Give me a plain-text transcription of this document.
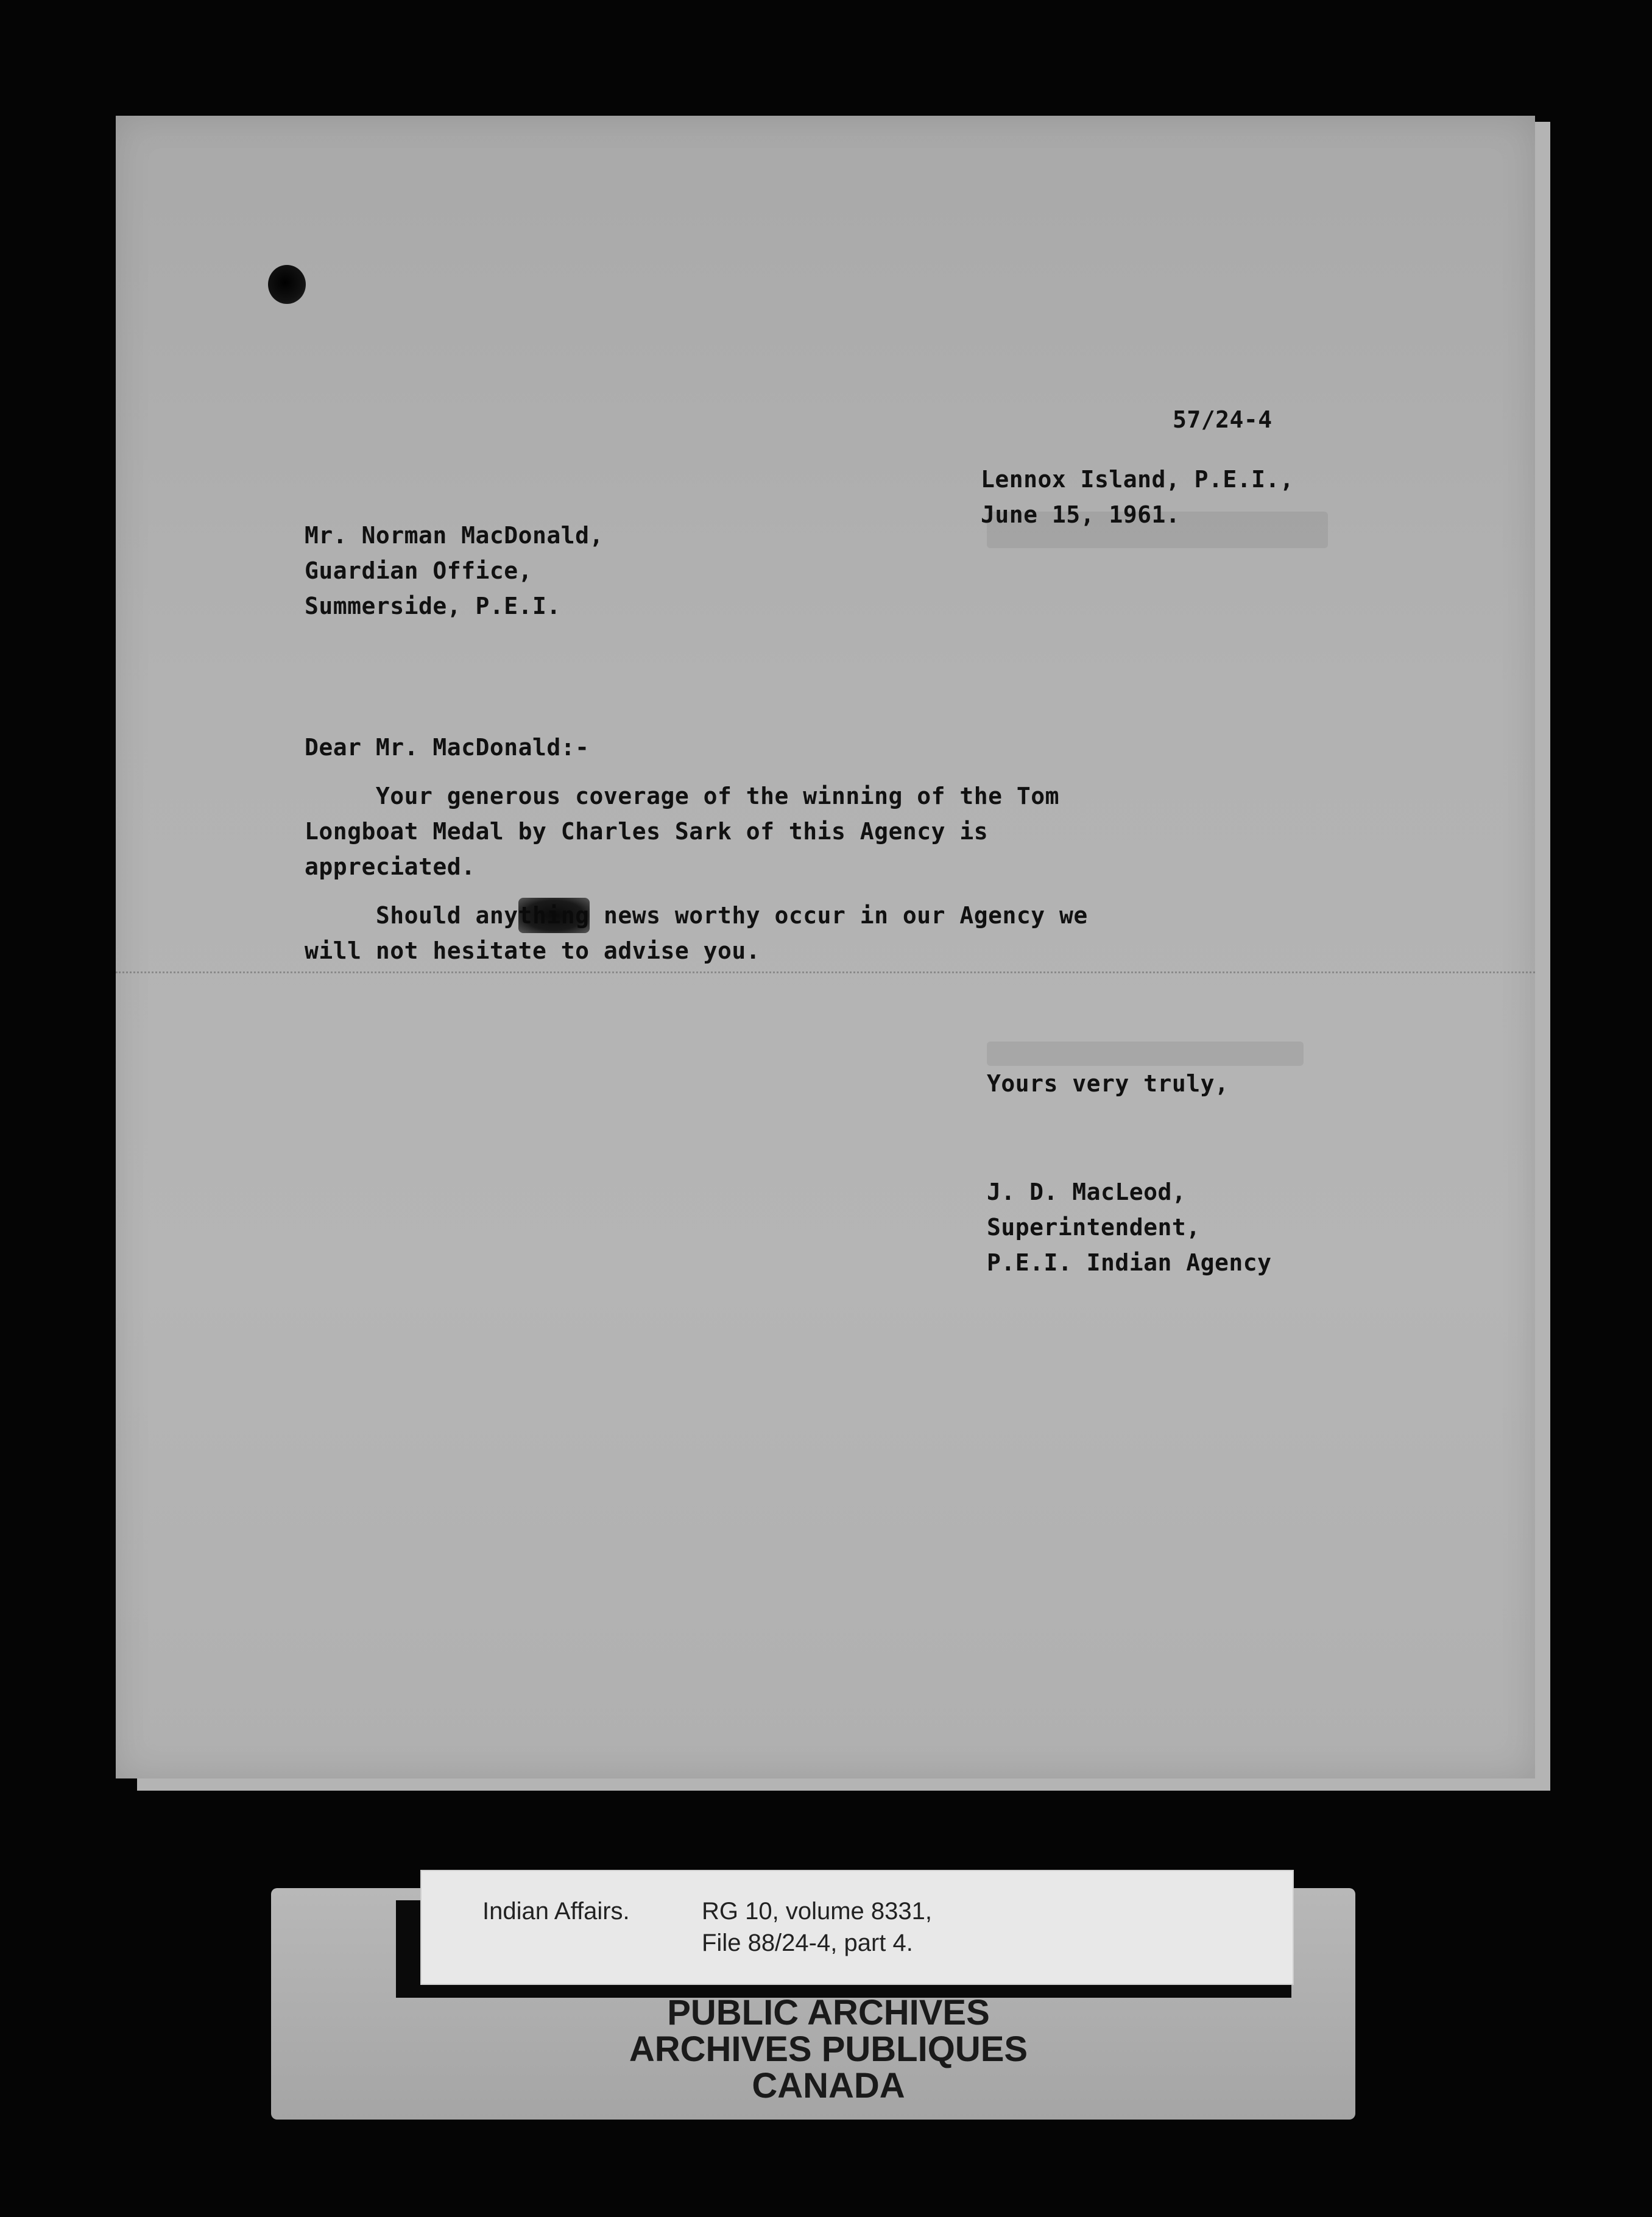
57/24-4
Lennox Island, P.E.I.,
June 15, 1961.
Mr. Norman MacDonald,
Guardian Office,
Summerside, P.E.I.
Dear Mr. MacDonald:-
Your generous coverage of the winning of the Tom
Longboat Medal by Charles Sark of this Agency is
appreciated.
Should anything news worthy occur in our Agency we
will not hesitate to advise you.
Yours very truly,
J. D. MacLeod,
Superintendent,
P.E.I. Indian Agency
Indian Affairs.	RG 10, volume 8331,
File 88/24-4, part 4.
PUBLIC ARCHIVES
ARCHIVES PUBLIQUES
CANADA
